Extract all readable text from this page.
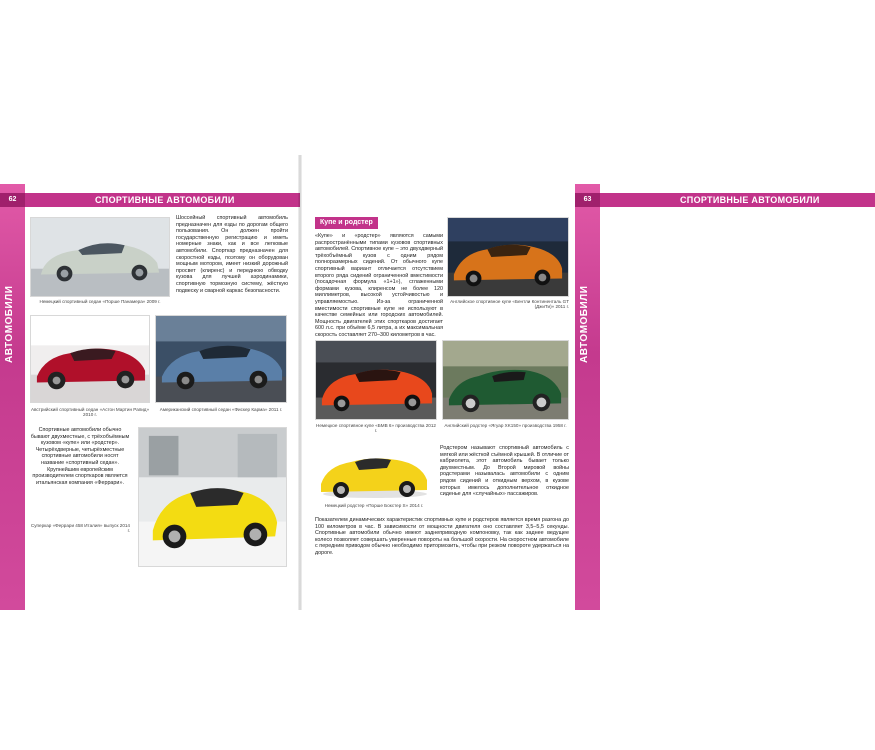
АВТОМОБИЛИ
СПОРТИВНЫЕ АВТОМОБИЛИ
62
Немецкий спортивный седан «Порше Панамера» 2009 г.
Шоссейный спортивный автомобиль предназначен для езды по дорогам общего пользования. Он должен пройти государственную регистрацию и иметь номерные знаки, как и все легковые автомобили. Спорткар предназначен для скоростной езды, поэтому он оборудован мощным мотором, имеет низкий дорожный просвет (клиренс) и переднюю обводку кузова для лучшей аэродинамики, спортивную тормозную систему, жёсткую подвеску и сварной каркас безопасности.
Австрийский спортивный седан «Астон Мартин Рапид» 2010 г.
Американский спортивный седан «Фискер Карма» 2011 г.
Спортивные автомобили обычно бывают двухместные, с трёхобъёмным кузовом «купе» или «родстер». Четырёхдверные, четырёхместные спортивные автомобили носят название «спортивный седан». Крупнейшим европейским производителем спорткаров является итальянская компания «Феррари».
Суперкар «Феррари 458 Италия» выпуск 2014 г.
АВТОМОБИЛИ
СПОРТИВНЫЕ АВТОМОБИЛИ
63
Купе и родстер
«Купе» и «родстер» являются самыми распространёнными типами кузовов спортивных автомобилей. Спортивное купе – это двухдверный трёхобъёмный кузов с одним рядом полноразмерных сидений. От обычного купе спортивный вариант отличается отсутствием второго ряда сидений ограниченной вместимости (посадочная формула «1+1»), сглаженными формами кузова, клиренсом не более 120 миллиметров, высокой устойчивостью и управляемостью. Из-за ограниченной вместимости спортивные купе не используют в качестве семейных или городских автомобилей. Мощность двигателей этих спорткаров достигает 600 л.с. при объёме 6,5 литра, а их максимальная скорость составляет 270–300 километров в час.
Английское спортивное купе «Бентли Континенталь GT (ДжиТи)» 2011 г.
Немецкое спортивное купе «БМВ 6» производства 2012 г.
Английский родстер «Ягуар XK150» производства 1958 г.
Немецкий родстер «Порше Бокстер S» 2014 г.
Родстером называют спортивный автомобиль с мягкой или жёсткой съёмной крышей. В отличие от кабриолета, этот автомобиль бывает только двухместным. До Второй мировой войны родстерами называлась автомобили с одним рядом сидений и откидным верхом, в кузове которых имелось дополнительное откидное сиденье для «случайных» пассажиров.
Показателем динамических характеристик спортивных купе и родстеров является время разгона до 100 километров в час. В зависимости от мощности двигателя оно составляет 3,5–5,5 секунды. Спортивные автомобили обычно имеют заднеприводную компоновку, так как заднее ведущее колесо позволяет совершать уверенные повороты на большой скорости. На скоростном автомобиле с передним приводом обычно необходимо притормозить, чтобы при резком повороте удержаться на дороге.
